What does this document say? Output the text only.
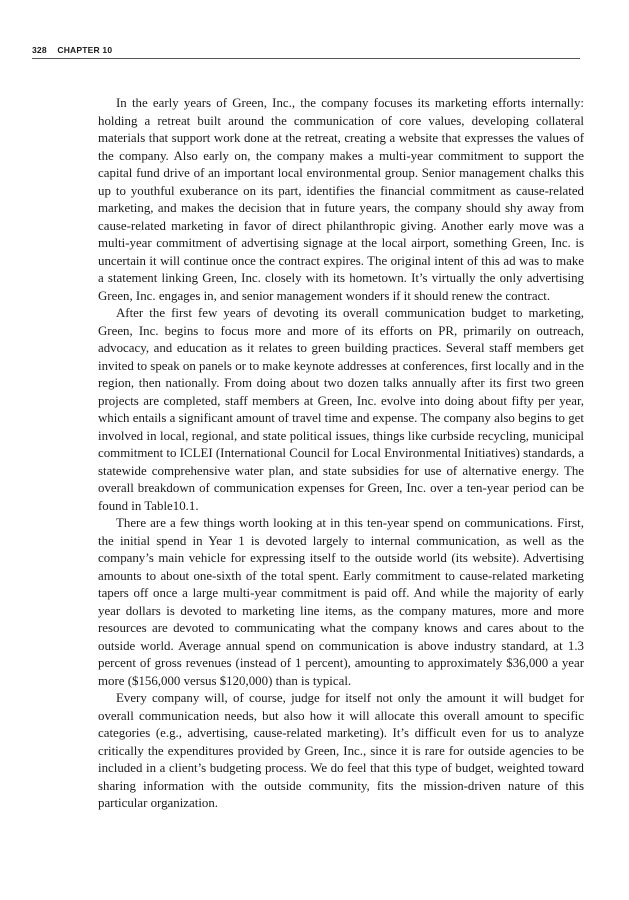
328 CHAPTER 10

In the early years of Green, Inc., the company focuses its marketing efforts internally: holding a retreat built around the communication of core values, developing collateral materials that support work done at the retreat, creating a website that expresses the values of the company. Also early on, the company makes a multi-year commitment to support the capital fund drive of an important local environmental group. Senior management chalks this up to youthful exuberance on its part, identifies the financial commitment as cause-related marketing, and makes the decision that in future years, the company should shy away from cause-related marketing in favor of direct philanthropic giving. Another early move was a multi-year commitment of advertising signage at the local airport, something Green, Inc. is uncertain it will continue once the contract expires. The original intent of this ad was to make a statement linking Green, Inc. closely with its hometown. It’s virtually the only advertising Green, Inc. engages in, and senior management wonders if it should renew the contract.

After the first few years of devoting its overall communication budget to marketing, Green, Inc. begins to focus more and more of its efforts on PR, primarily on outreach, advocacy, and education as it relates to green building practices. Several staff members get invited to speak on panels or to make keynote addresses at conferences, first locally and in the region, then nationally. From doing about two dozen talks annually after its first two green projects are completed, staff members at Green, Inc. evolve into doing about fifty per year, which entails a significant amount of travel time and expense. The company also begins to get involved in local, regional, and state political issues, things like curbside recycling, municipal commitment to ICLEI (International Council for Local Environmental Initiatives) standards, a statewide comprehensive water plan, and state subsidies for use of alternative energy. The overall breakdown of communication expenses for Green, Inc. over a ten-year period can be found in Table10.1.

There are a few things worth looking at in this ten-year spend on communications. First, the initial spend in Year 1 is devoted largely to internal communication, as well as the company’s main vehicle for expressing itself to the outside world (its website). Advertising amounts to about one-sixth of the total spent. Early commitment to cause-related marketing tapers off once a large multi-year commitment is paid off. And while the majority of early year dollars is devoted to marketing line items, as the company matures, more and more resources are devoted to communicating what the company knows and cares about to the outside world. Average annual spend on communication is above industry standard, at 1.3 percent of gross revenues (instead of 1 percent), amounting to approximately $36,000 a year more ($156,000 versus $120,000) than is typical.

Every company will, of course, judge for itself not only the amount it will budget for overall communication needs, but also how it will allocate this overall amount to specific categories (e.g., advertising, cause-related marketing). It’s difficult even for us to analyze critically the expenditures provided by Green, Inc., since it is rare for outside agencies to be included in a client’s budgeting process. We do feel that this type of budget, weighted toward sharing information with the outside community, fits the mission-driven nature of this particular organization.
